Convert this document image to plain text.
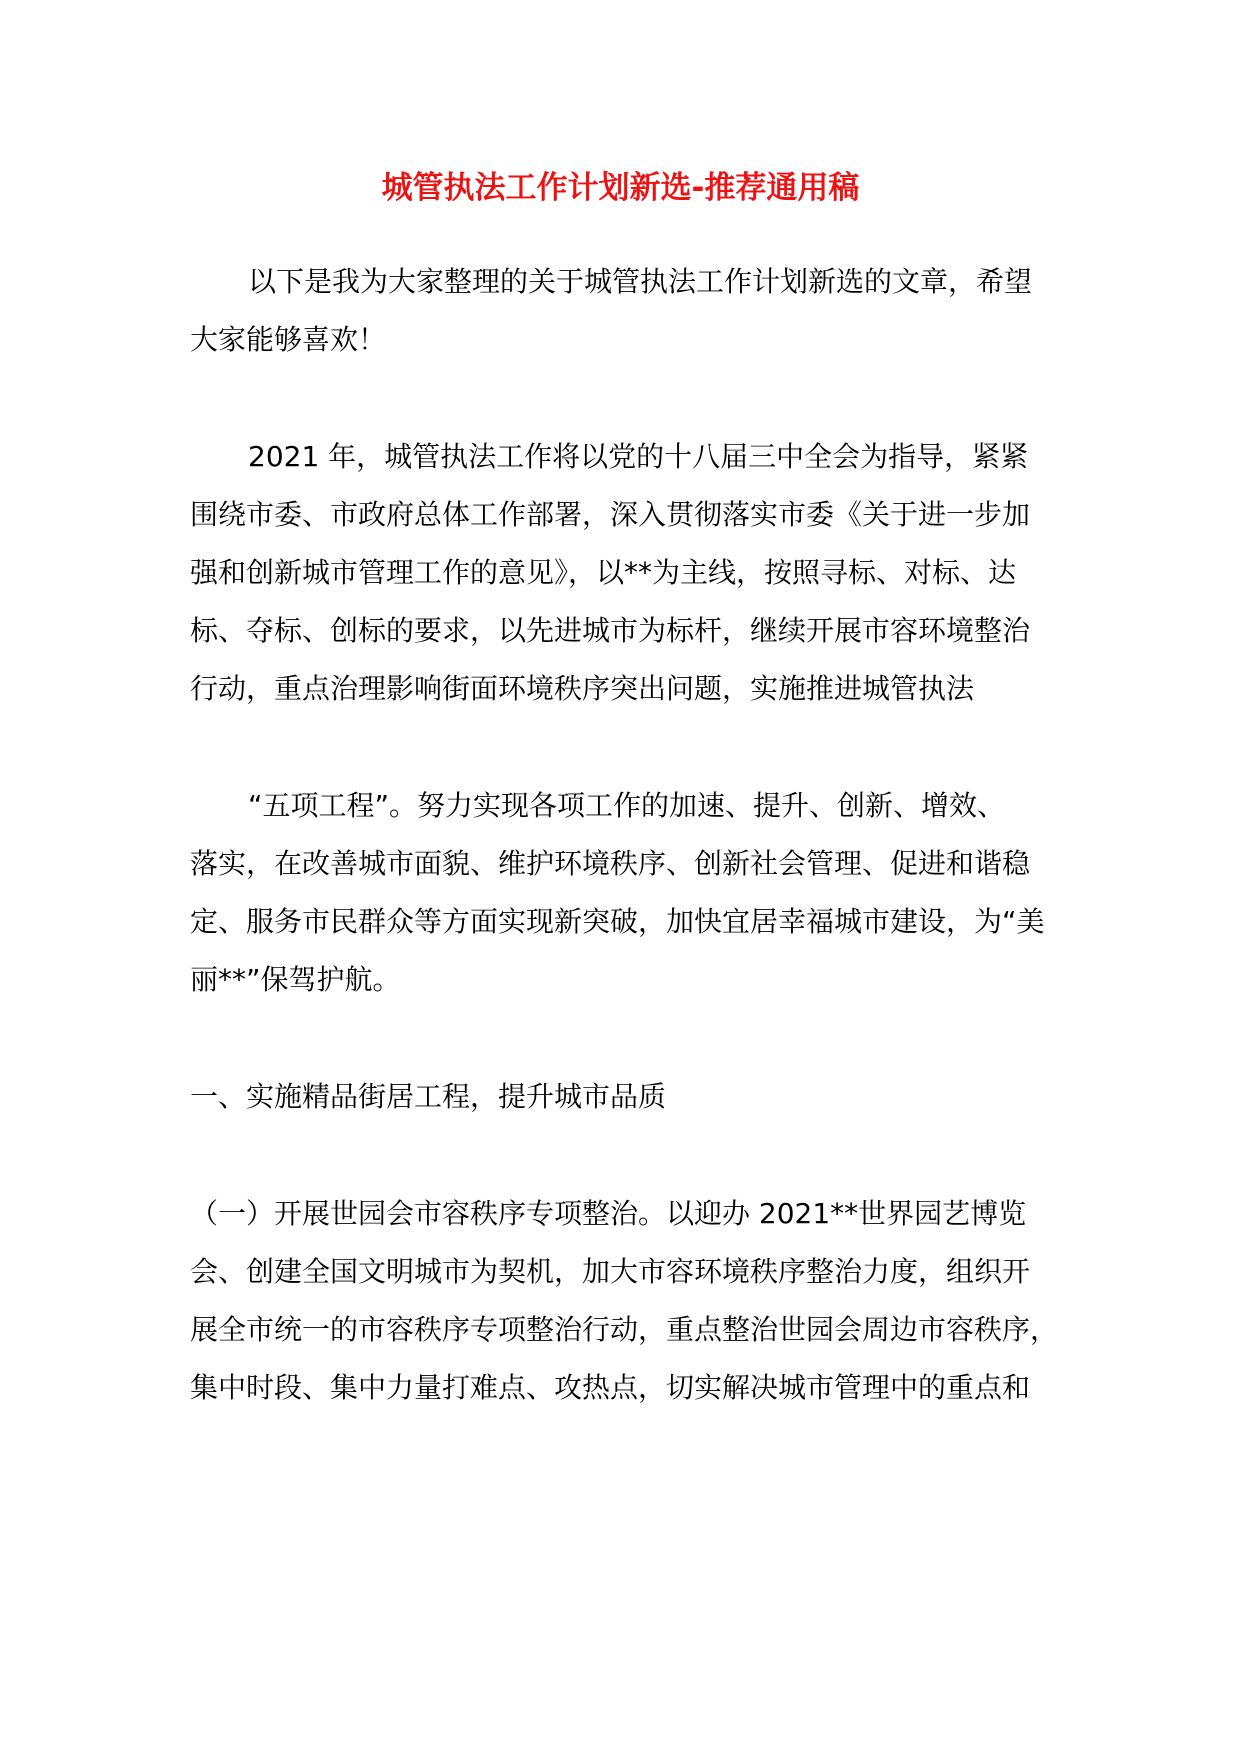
城管执法工作计划新选-推荐通用稿
以下是我为大家整理的关于城管执法工作计划新选的文章，希望
大家能够喜欢！
2021 年，城管执法工作将以党的十八届三中全会为指导，紧紧
围绕市委、市政府总体工作部署，深入贯彻落实市委《关于进一步加
强和创新城市管理工作的意见》，以**为主线，按照寻标、对标、达
标、夺标、创标的要求，以先进城市为标杆，继续开展市容环境整治
行动，重点治理影响街面环境秩序突出问题，实施推进城管执法
“五项工程”。努力实现各项工作的加速、提升、创新、增效、
落实，在改善城市面貌、维护环境秩序、创新社会管理、促进和谐稳
定、服务市民群众等方面实现新突破，加快宜居幸福城市建设，为“美
丽**”保驾护航。
一、实施精品街居工程，提升城市品质
（一）开展世园会市容秩序专项整治。以迎办 2021**世界园艺博览
会、创建全国文明城市为契机，加大市容环境秩序整治力度，组织开
展全市统一的市容秩序专项整治行动，重点整治世园会周边市容秩序，
集中时段、集中力量打难点、攻热点，切实解决城市管理中的重点和
